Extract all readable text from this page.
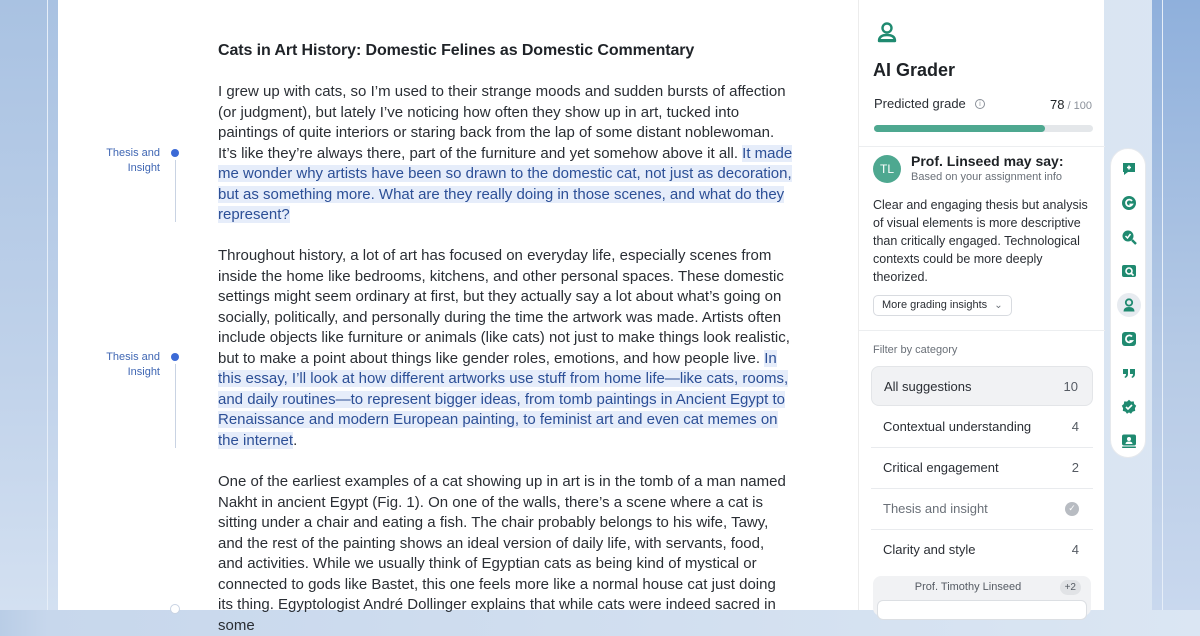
Cats in Art History: Domestic Felines as Domestic Commentary
I grew up with cats, so I’m used to their strange moods and sudden bursts of affection (or judgment), but lately I’ve noticing how often they show up in art, tucked into paintings of quite interiors or staring back from the lap of some distant noblewoman. It’s like they’re always there, part of the furniture and yet somehow above it all. It made me wonder why artists have been so drawn to the domestic cat, not just as decoration, but as something more. What are they really doing in those scenes, and what do they represent?
Throughout history, a lot of art has focused on everyday life, especially scenes from inside the home like bedrooms, kitchens, and other personal spaces. These domestic settings might seem ordinary at first, but they actually say a lot about what’s going on socially, politically, and personally during the time the artwork was made. Artists often include objects like furniture or animals (like cats) not just to make things look realistic, but to make a point about things like gender roles, emotions, and how people live. In this essay, I’ll look at how different artworks use stuff from home life—like cats, rooms, and daily routines—to represent bigger ideas, from tomb paintings in Ancient Egypt to Renaissance and modern European painting, to feminist art and even cat memes on the internet.
One of the earliest examples of a cat showing up in art is in the tomb of a man named Nakht in ancient Egypt (Fig. 1). On one of the walls, there’s a scene where a cat is sitting under a chair and eating a fish. The chair probably belongs to his wife, Tawy, and the rest of the painting shows an ideal version of daily life, with servants, food, and activities. While we usually think of Egyptian cats as being kind of mystical or connected to gods like Bastet, this one feels more like a normal house cat just doing its thing. Egyptologist André Dollinger explains that while cats were indeed sacred in some
Thesis and
Insight
Thesis and
Insight
AI Grader
Predicted grade	i	78 / 100
TL	Prof. Linseed may say:
Based on your assignment info
Clear and engaging thesis but analysis of visual elements is more descriptive than critically engaged. Technological contexts could be more deeply theorized.
More grading insights ⌄
Filter by category
All suggestions	10
Contextual understanding	4
Critical engagement	2
Thesis and insight	✓
Clarity and style	4
Prof. Timothy Linseed	+2
